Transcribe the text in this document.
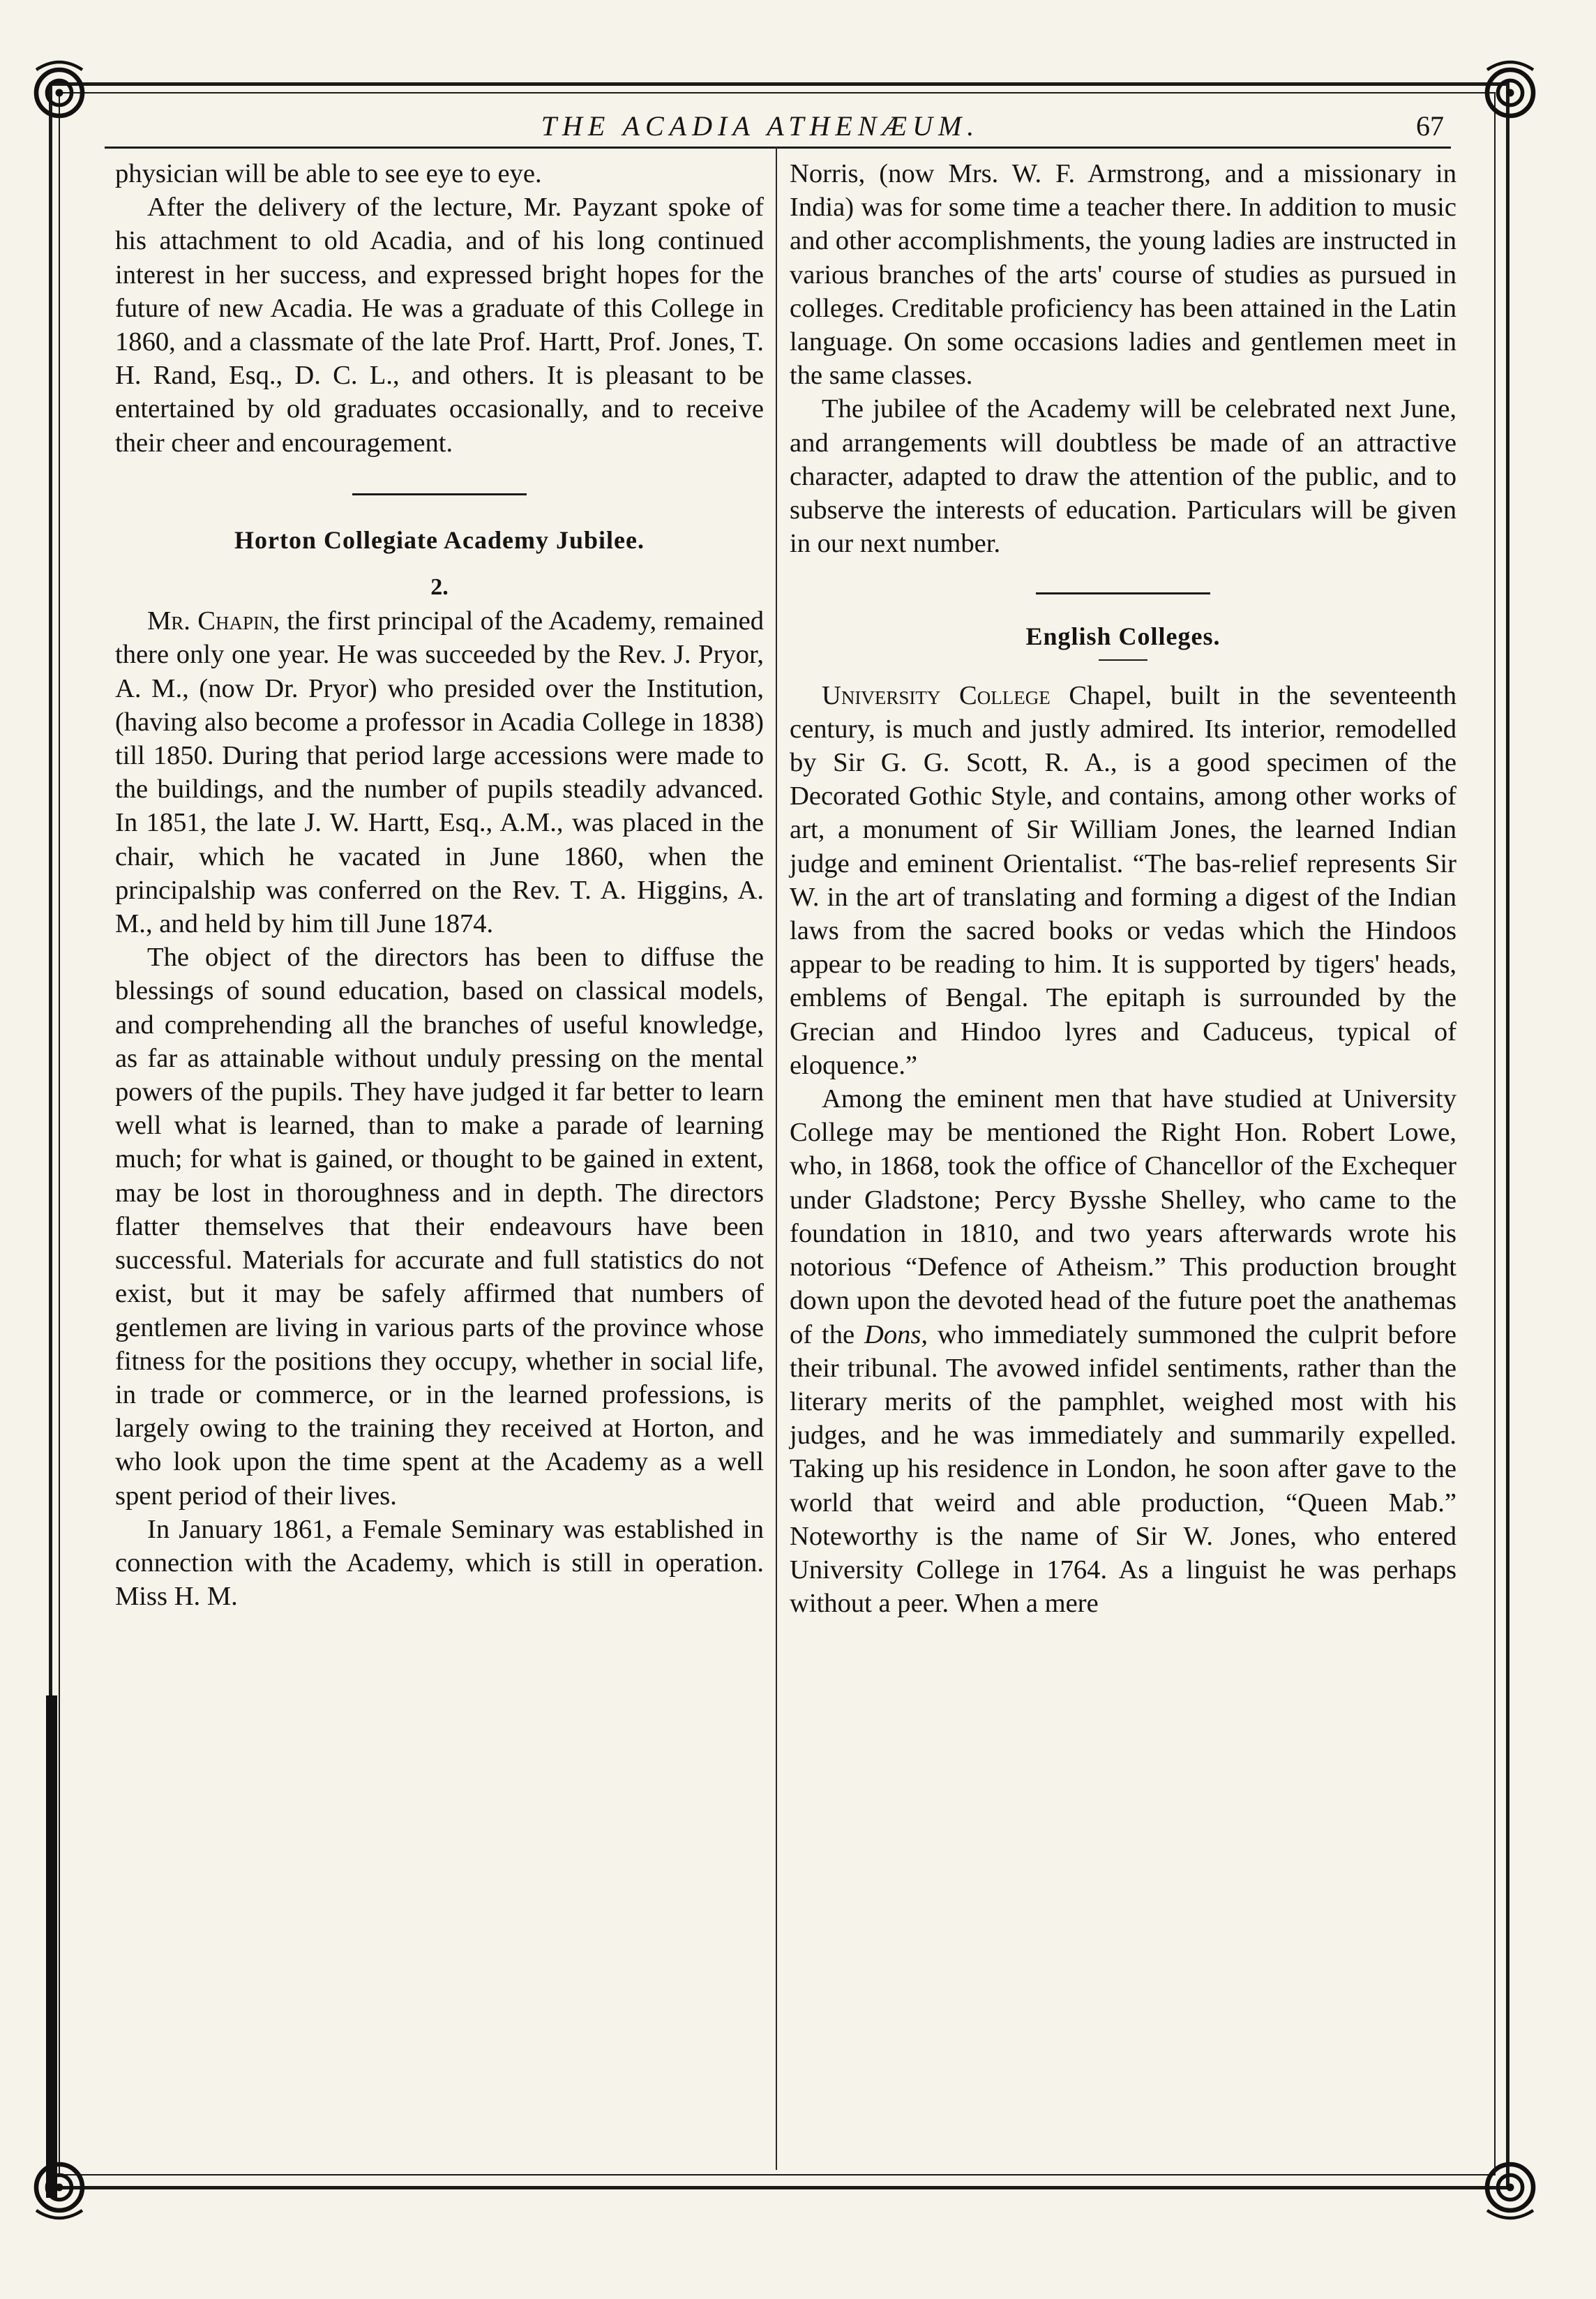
THE ACADIA ATHENÆUM.	67

physician will be able to see eye to eye.

After the delivery of the lecture, Mr. Payzant spoke of his attachment to old Acadia, and of his long continued interest in her success, and expressed bright hopes for the future of new Acadia. He was a graduate of this College in 1860, and a classmate of the late Prof. Hartt, Prof. Jones, T. H. Rand, Esq., D. C. L., and others. It is pleasant to be entertained by old graduates occasionally, and to receive their cheer and encouragement.

Horton Collegiate Academy Jubilee.
2.

Mr. Chapin, the first principal of the Academy, remained there only one year. He was succeeded by the Rev. J. Pryor, A. M., (now Dr. Pryor) who presided over the Institution, (having also become a professor in Acadia College in 1838) till 1850. During that period large accessions were made to the buildings, and the number of pupils steadily advanced. In 1851, the late J. W. Hartt, Esq., A.M., was placed in the chair, which he vacated in June 1860, when the principalship was conferred on the Rev. T. A. Higgins, A. M., and held by him till June 1874.

The object of the directors has been to diffuse the blessings of sound education, based on classical models, and comprehending all the branches of useful knowledge, as far as attainable without unduly pressing on the mental powers of the pupils. They have judged it far better to learn well what is learned, than to make a parade of learning much; for what is gained, or thought to be gained in extent, may be lost in thoroughness and in depth. The directors flatter themselves that their endeavours have been successful. Materials for accurate and full statistics do not exist, but it may be safely affirmed that numbers of gentlemen are living in various parts of the province whose fitness for the positions they occupy, whether in social life, in trade or commerce, or in the learned professions, is largely owing to the training they received at Horton, and who look upon the time spent at the Academy as a well spent period of their lives.

In January 1861, a Female Seminary was established in connection with the Academy, which is still in operation. Miss H. M.

Norris, (now Mrs. W. F. Armstrong, and a missionary in India) was for some time a teacher there. In addition to music and other accomplishments, the young ladies are instructed in various branches of the arts' course of studies as pursued in colleges. Creditable proficiency has been attained in the Latin language. On some occasions ladies and gentlemen meet in the same classes.

The jubilee of the Academy will be celebrated next June, and arrangements will doubtless be made of an attractive character, adapted to draw the attention of the public, and to subserve the interests of education. Particulars will be given in our next number.

English Colleges.

University College Chapel, built in the seventeenth century, is much and justly admired. Its interior, remodelled by Sir G. G. Scott, R. A., is a good specimen of the Decorated Gothic Style, and contains, among other works of art, a monument of Sir William Jones, the learned Indian judge and eminent Orientalist. “The bas-relief represents Sir W. in the art of translating and forming a digest of the Indian laws from the sacred books or vedas which the Hindoos appear to be reading to him. It is supported by tigers' heads, emblems of Bengal. The epitaph is surrounded by the Grecian and Hindoo lyres and Caduceus, typical of eloquence.”

Among the eminent men that have studied at University College may be mentioned the Right Hon. Robert Lowe, who, in 1868, took the office of Chancellor of the Exchequer under Gladstone; Percy Bysshe Shelley, who came to the foundation in 1810, and two years afterwards wrote his notorious “Defence of Atheism.” This production brought down upon the devoted head of the future poet the anathemas of the Dons, who immediately summoned the culprit before their tribunal. The avowed infidel sentiments, rather than the literary merits of the pamphlet, weighed most with his judges, and he was immediately and summarily expelled. Taking up his residence in London, he soon after gave to the world that weird and able production, “Queen Mab.” Noteworthy is the name of Sir W. Jones, who entered University College in 1764. As a linguist he was perhaps without a peer. When a mere
